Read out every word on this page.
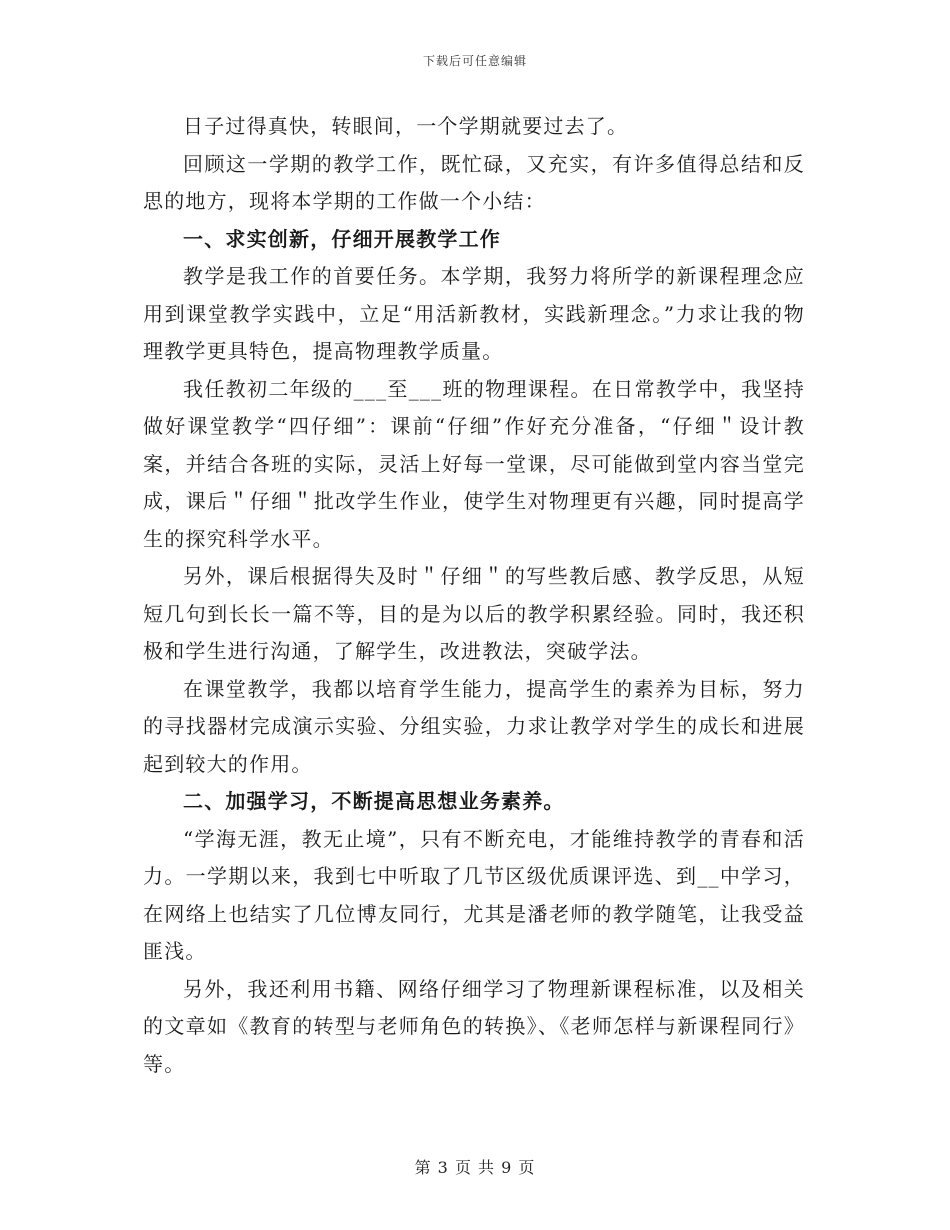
下载后可任意编辑

日子过得真快，转眼间，一个学期就要过去了。

回顾这一学期的教学工作，既忙碌，又充实，有许多值得总结和反思的地方，现将本学期的工作做一个小结：

一、求实创新，仔细开展教学工作

教学是我工作的首要任务。本学期，我努力将所学的新课程理念应用到课堂教学实践中，立足“用活新教材，实践新理念。”力求让我的物理教学更具特色，提高物理教学质量。

我任教初二年级的___至___班的物理课程。在日常教学中，我坚持做好课堂教学“四仔细”：课前“仔细”作好充分准备，“仔细＂设计教案，并结合各班的实际，灵活上好每一堂课，尽可能做到堂内容当堂完成，课后＂仔细＂批改学生作业，使学生对物理更有兴趣，同时提高学生的探究科学水平。

另外，课后根据得失及时＂仔细＂的写些教后感、教学反思，从短短几句到长长一篇不等，目的是为以后的教学积累经验。同时，我还积极和学生进行沟通，了解学生，改进教法，突破学法。

在课堂教学，我都以培育学生能力，提高学生的素养为目标，努力的寻找器材完成演示实验、分组实验，力求让教学对学生的成长和进展起到较大的作用。

二、加强学习，不断提高思想业务素养。

“学海无涯，教无止境”，只有不断充电，才能维持教学的青春和活力。一学期以来，我到七中听取了几节区级优质课评选、到__中学习，在网络上也结实了几位博友同行，尤其是潘老师的教学随笔，让我受益匪浅。

另外，我还利用书籍、网络仔细学习了物理新课程标准，以及相关的文章如《教育的转型与老师角色的转换》、《老师怎样与新课程同行》等。

第 3 页 共 9 页
